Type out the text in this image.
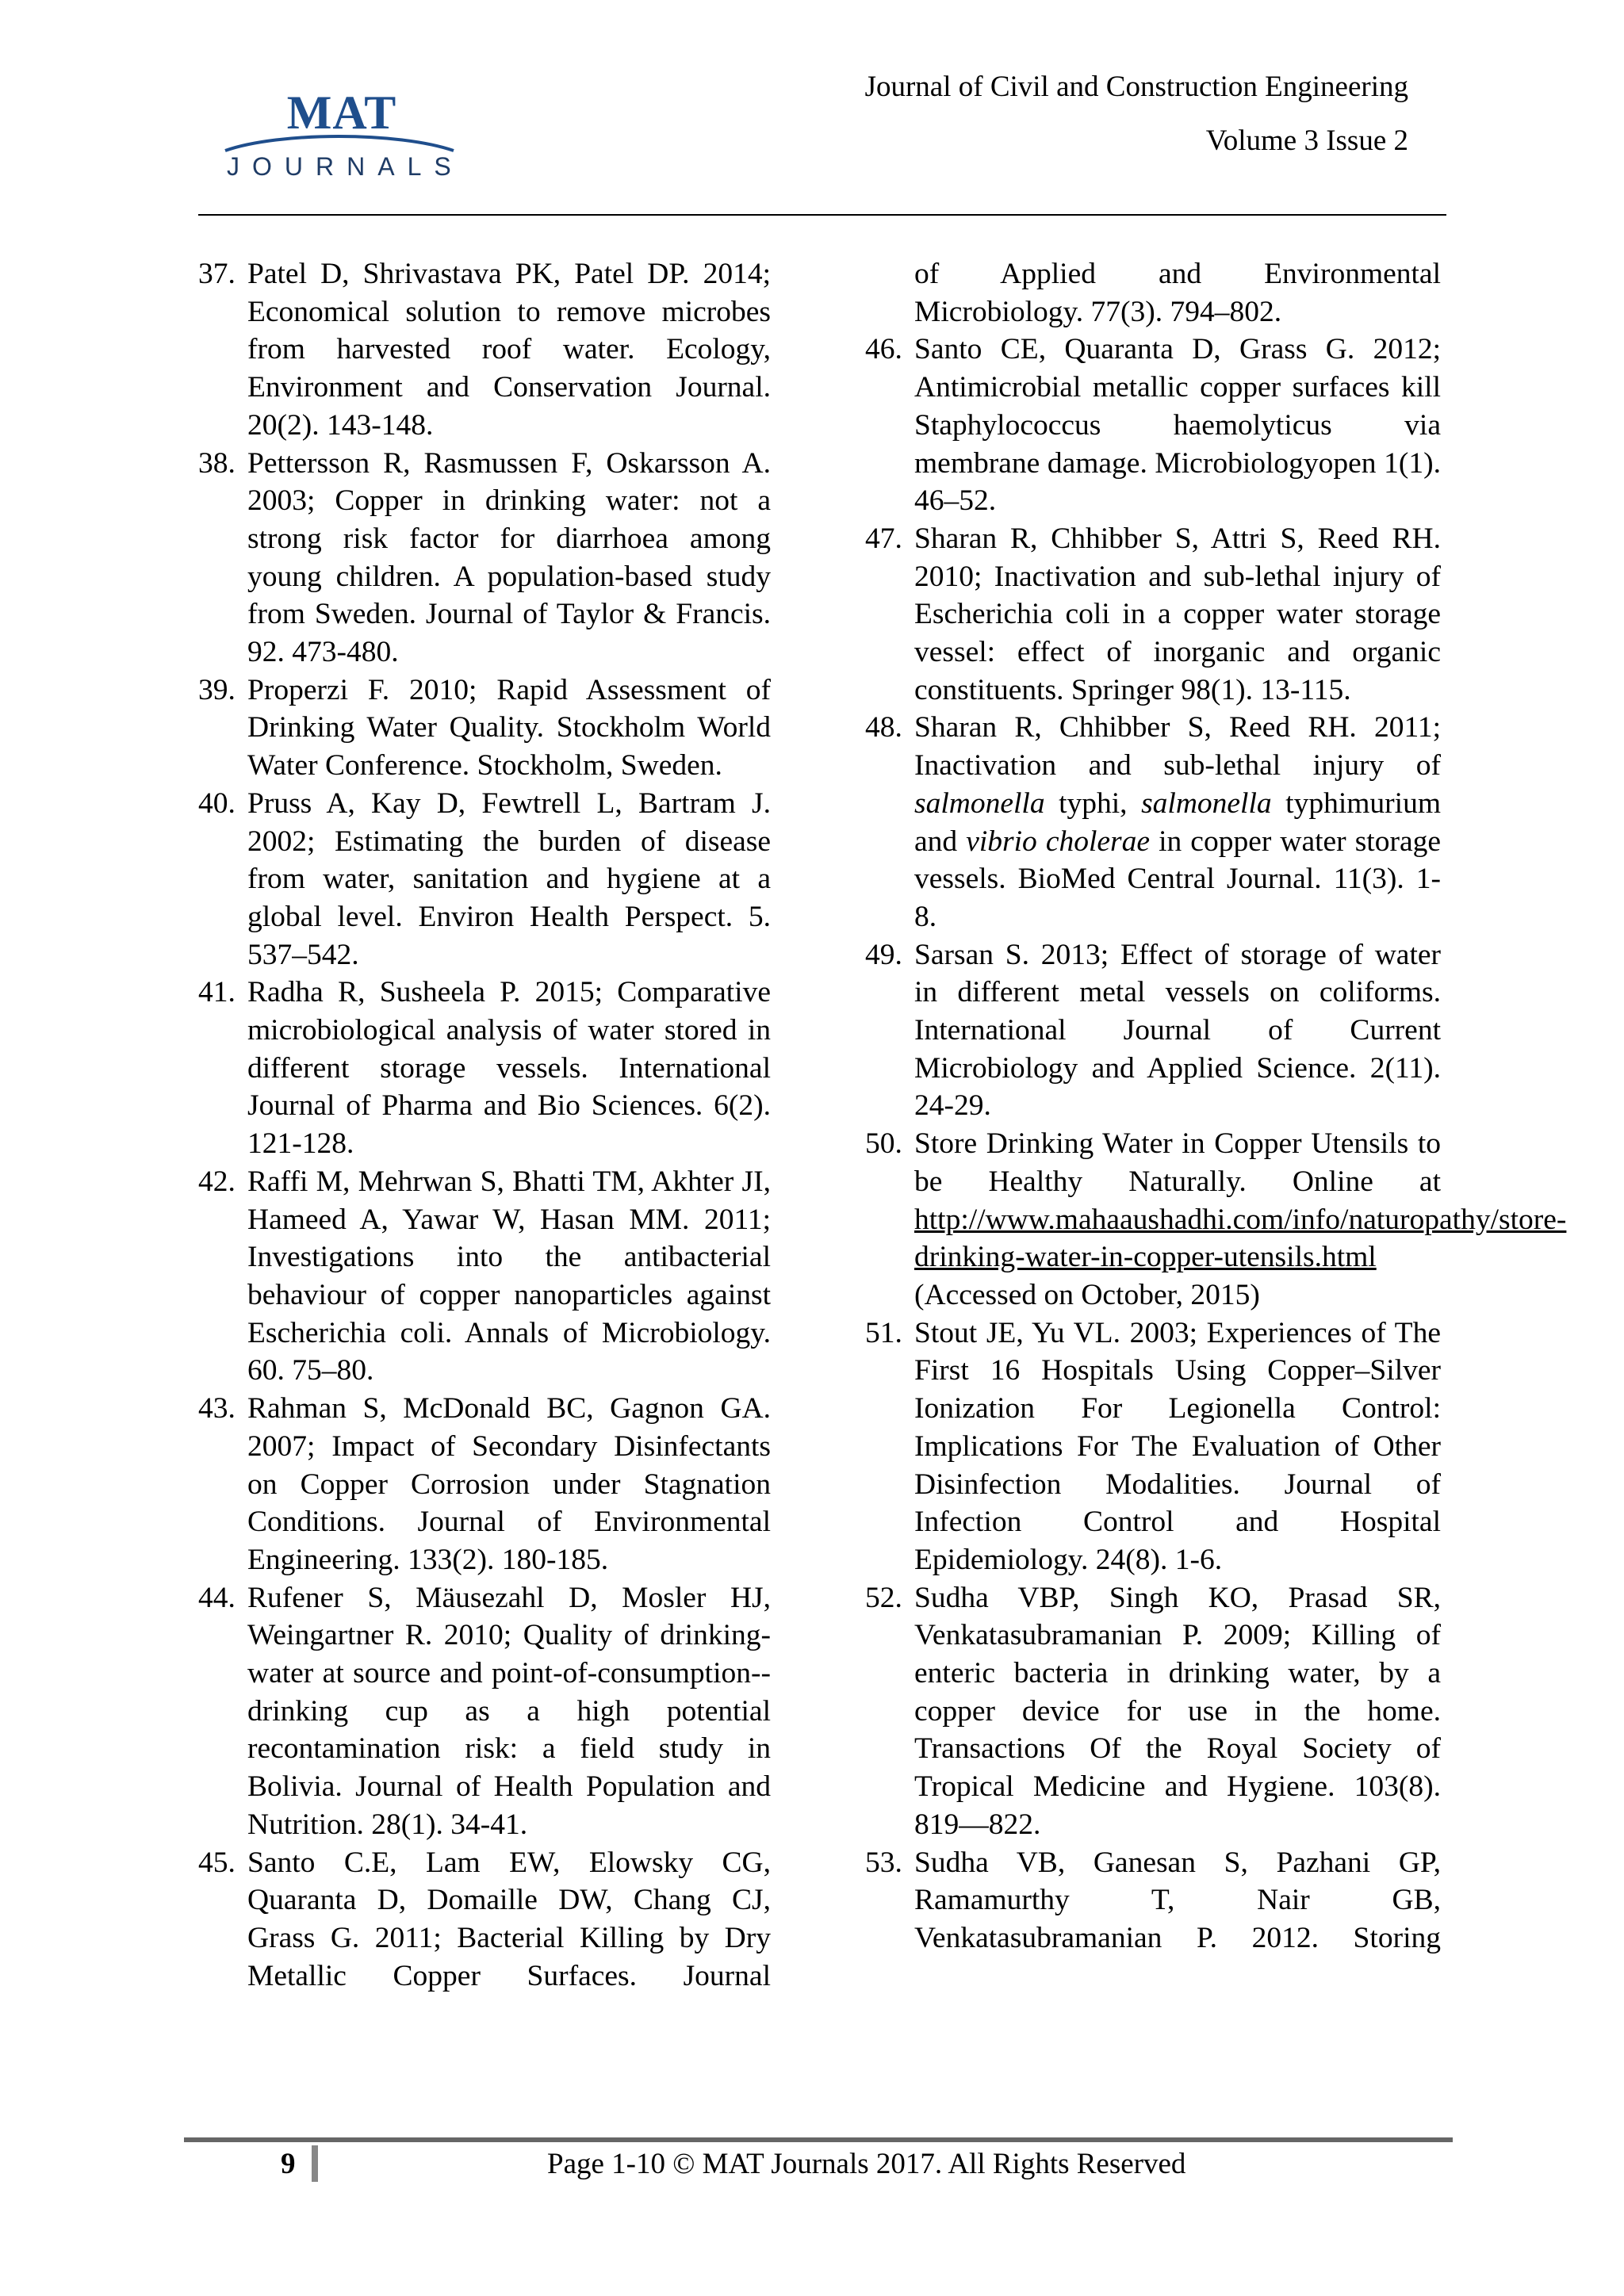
MAT
JOURNALS
Journal of Civil and Construction Engineering
Volume 3 Issue 2
37. Patel D, Shrivastava PK, Patel DP. 2014; Economical solution to remove microbes from harvested roof water. Ecology, Environment and Conservation Journal. 20(2). 143-148.
38. Pettersson R, Rasmussen F, Oskarsson A. 2003; Copper in drinking water: not a strong risk factor for diarrhoea among young children. A population-based study from Sweden. Journal of Taylor & Francis. 92. 473-480.
39. Properzi F. 2010; Rapid Assessment of Drinking Water Quality. Stockholm World Water Conference. Stockholm, Sweden.
40. Pruss A, Kay D, Fewtrell L, Bartram J. 2002; Estimating the burden of disease from water, sanitation and hygiene at a global level. Environ Health Perspect. 5. 537–542.
41. Radha R, Susheela P. 2015; Comparative microbiological analysis of water stored in different storage vessels. International Journal of Pharma and Bio Sciences. 6(2). 121-128.
42. Raffi M, Mehrwan S, Bhatti TM, Akhter JI, Hameed A, Yawar W, Hasan MM. 2011; Investigations into the antibacterial behaviour of copper nanoparticles against Escherichia coli. Annals of Microbiology. 60. 75–80.
43. Rahman S, McDonald BC, Gagnon GA. 2007; Impact of Secondary Disinfectants on Copper Corrosion under Stagnation Conditions. Journal of Environmental Engineering. 133(2). 180-185.
44. Rufener S, Mäusezahl D, Mosler HJ, Weingartner R. 2010; Quality of drinking-water at source and point-of-consumption--drinking cup as a high potential recontamination risk: a field study in Bolivia. Journal of Health Population and Nutrition. 28(1). 34-41.
45. Santo C.E, Lam EW, Elowsky CG, Quaranta D, Domaille DW, Chang CJ, Grass G. 2011; Bacterial Killing by Dry Metallic Copper Surfaces. Journal
of Applied and Environmental Microbiology. 77(3). 794–802.
46. Santo CE, Quaranta D, Grass G. 2012; Antimicrobial metallic copper surfaces kill Staphylococcus haemolyticus via membrane damage. Microbiologyopen 1(1). 46–52.
47. Sharan R, Chhibber S, Attri S, Reed RH. 2010; Inactivation and sub-lethal injury of Escherichia coli in a copper water storage vessel: effect of inorganic and organic constituents. Springer 98(1). 13-115.
48. Sharan R, Chhibber S, Reed RH. 2011; Inactivation and sub-lethal injury of salmonella typhi, salmonella typhimurium and vibrio cholerae in copper water storage vessels. BioMed Central Journal. 11(3). 1-8.
49. Sarsan S. 2013; Effect of storage of water in different metal vessels on coliforms. International Journal of Current Microbiology and Applied Science. 2(11). 24-29.
50. Store Drinking Water in Copper Utensils to be Healthy Naturally. Online at http://www.mahaaushadhi.com/info/naturopathy/store-drinking-water-in-copper-utensils.html (Accessed on October, 2015)
51. Stout JE, Yu VL. 2003; Experiences of The First 16 Hospitals Using Copper–Silver Ionization For Legionella Control: Implications For The Evaluation of Other Disinfection Modalities. Journal of Infection Control and Hospital Epidemiology. 24(8). 1-6.
52. Sudha VBP, Singh KO, Prasad SR, Venkatasubramanian P. 2009; Killing of enteric bacteria in drinking water, by a copper device for use in the home. Transactions Of the Royal Society of Tropical Medicine and Hygiene. 103(8). 819—822.
53. Sudha VB, Ganesan S, Pazhani GP, Ramamurthy T, Nair GB, Venkatasubramanian P. 2012. Storing
9	Page 1-10 © MAT Journals 2017. All Rights Reserved
